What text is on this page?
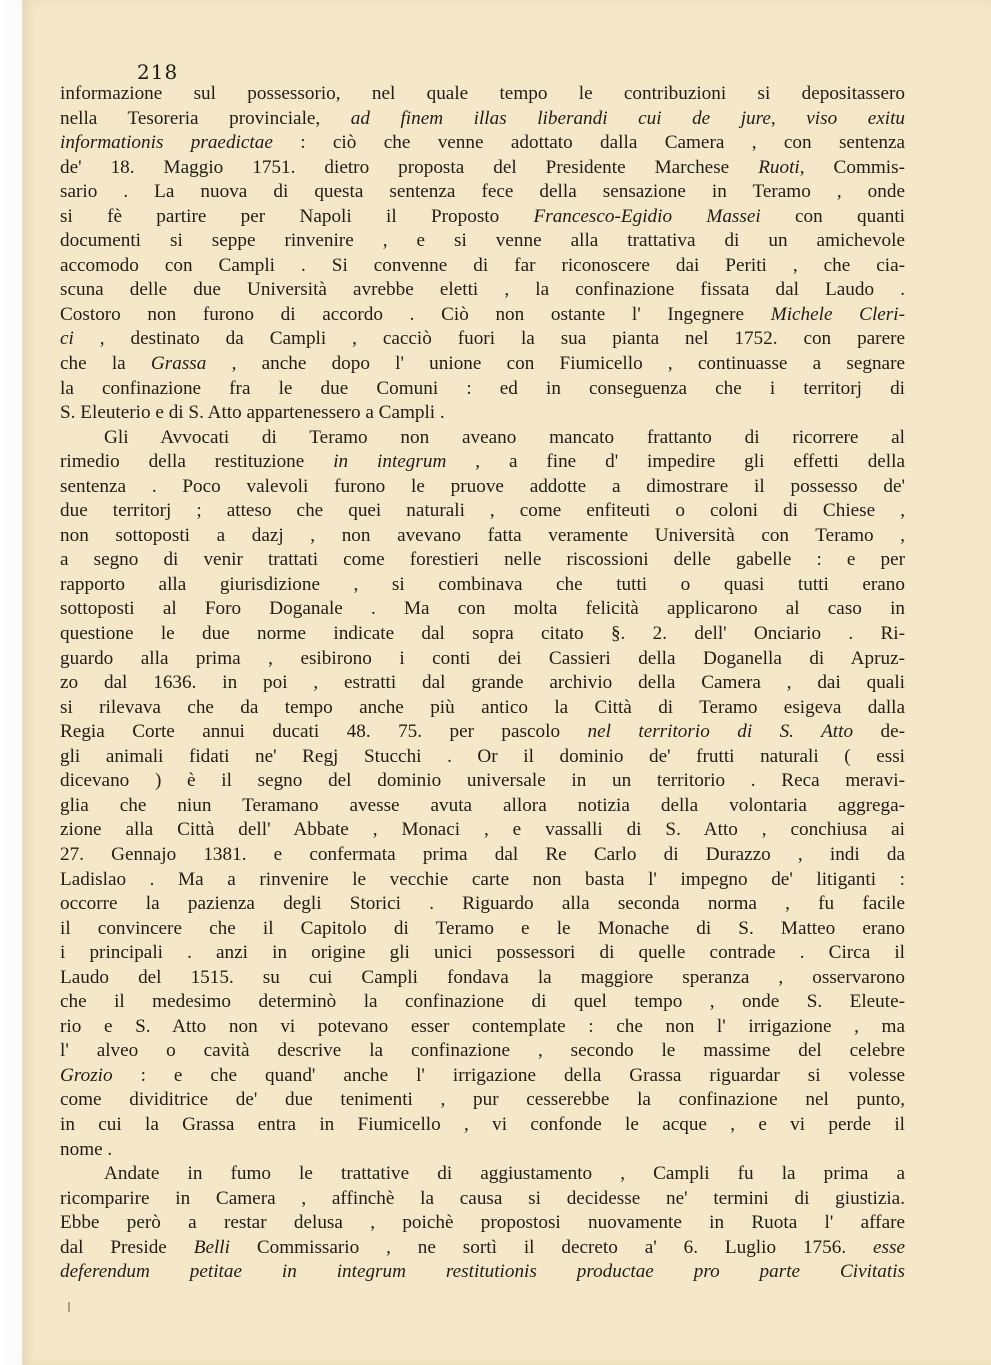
218
informazione sul possessorio, nel quale tempo le contribuzioni si depositassero
nella Tesoreria provinciale, ad finem illas liberandi cui de jure, viso exitu
informationis praedictae : ciò che venne adottato dalla Camera , con sentenza
de' 18. Maggio 1751. dietro proposta del Presidente Marchese Ruoti, Commis-
sario . La nuova di questa sentenza fece della sensazione in Teramo , onde
si fè partire per Napoli il Proposto Francesco-Egidio Massei con quanti
documenti si seppe rinvenire , e si venne alla trattativa di un amichevole
accomodo con Campli . Si convenne di far riconoscere dai Periti , che cia-
scuna delle due Università avrebbe eletti , la confinazione fissata dal Laudo .
Costoro non furono di accordo . Ciò non ostante l' Ingegnere Michele Cleri-
ci , destinato da Campli , cacciò fuori la sua pianta nel 1752. con parere
che la Grassa , anche dopo l' unione con Fiumicello , continuasse a segnare
la confinazione fra le due Comuni : ed in conseguenza che i territorj di
S. Eleuterio e di S. Atto appartenessero a Campli .
Gli Avvocati di Teramo non aveano mancato frattanto di ricorrere al
rimedio della restituzione in integrum , a fine d' impedire gli effetti della
sentenza . Poco valevoli furono le pruove addotte a dimostrare il possesso de'
due territorj ; atteso che quei naturali , come enfiteuti o coloni di Chiese ,
non sottoposti a dazj , non avevano fatta veramente Università con Teramo ,
a segno di venir trattati come forestieri nelle riscossioni delle gabelle : e per
rapporto alla giurisdizione , si combinava che tutti o quasi tutti erano
sottoposti al Foro Doganale . Ma con molta felicità applicarono al caso in
questione le due norme indicate dal sopra citato §. 2. dell' Onciario . Ri-
guardo alla prima , esibirono i conti dei Cassieri della Doganella di Apruz-
zo dal 1636. in poi , estratti dal grande archivio della Camera , dai quali
si rilevava che da tempo anche più antico la Città di Teramo esigeva dalla
Regia Corte annui ducati 48. 75. per pascolo nel territorio di S. Atto de-
gli animali fidati ne' Regj Stucchi . Or il dominio de' frutti naturali ( essi
dicevano ) è il segno del dominio universale in un territorio . Reca meravi-
glia che niun Teramano avesse avuta allora notizia della volontaria aggrega-
zione alla Città dell' Abbate , Monaci , e vassalli di S. Atto , conchiusa ai
27. Gennajo 1381. e confermata prima dal Re Carlo di Durazzo , indi da
Ladislao . Ma a rinvenire le vecchie carte non basta l' impegno de' litiganti :
occorre la pazienza degli Storici . Riguardo alla seconda norma , fu facile
il convincere che il Capitolo di Teramo e le Monache di S. Matteo erano
i principali . anzi in origine gli unici possessori di quelle contrade . Circa il
Laudo del 1515. su cui Campli fondava la maggiore speranza , osservarono
che il medesimo determinò la confinazione di quel tempo , onde S. Eleute-
rio e S. Atto non vi potevano esser contemplate : che non l' irrigazione , ma
l' alveo o cavità descrive la confinazione , secondo le massime del celebre
Grozio : e che quand' anche l' irrigazione della Grassa riguardar si volesse
come dividitrice de' due tenimenti , pur cesserebbe la confinazione nel punto,
in cui la Grassa entra in Fiumicello , vi confonde le acque , e vi perde il
nome .
Andate in fumo le trattative di aggiustamento , Campli fu la prima a
ricomparire in Camera , affinchè la causa si decidesse ne' termini di giustizia.
Ebbe però a restar delusa , poichè propostosi nuovamente in Ruota l' affare
dal Preside Belli Commissario , ne sortì il decreto a' 6. Luglio 1756. esse
deferendum petitae in integrum restitutionis productae pro parte Civitatis
